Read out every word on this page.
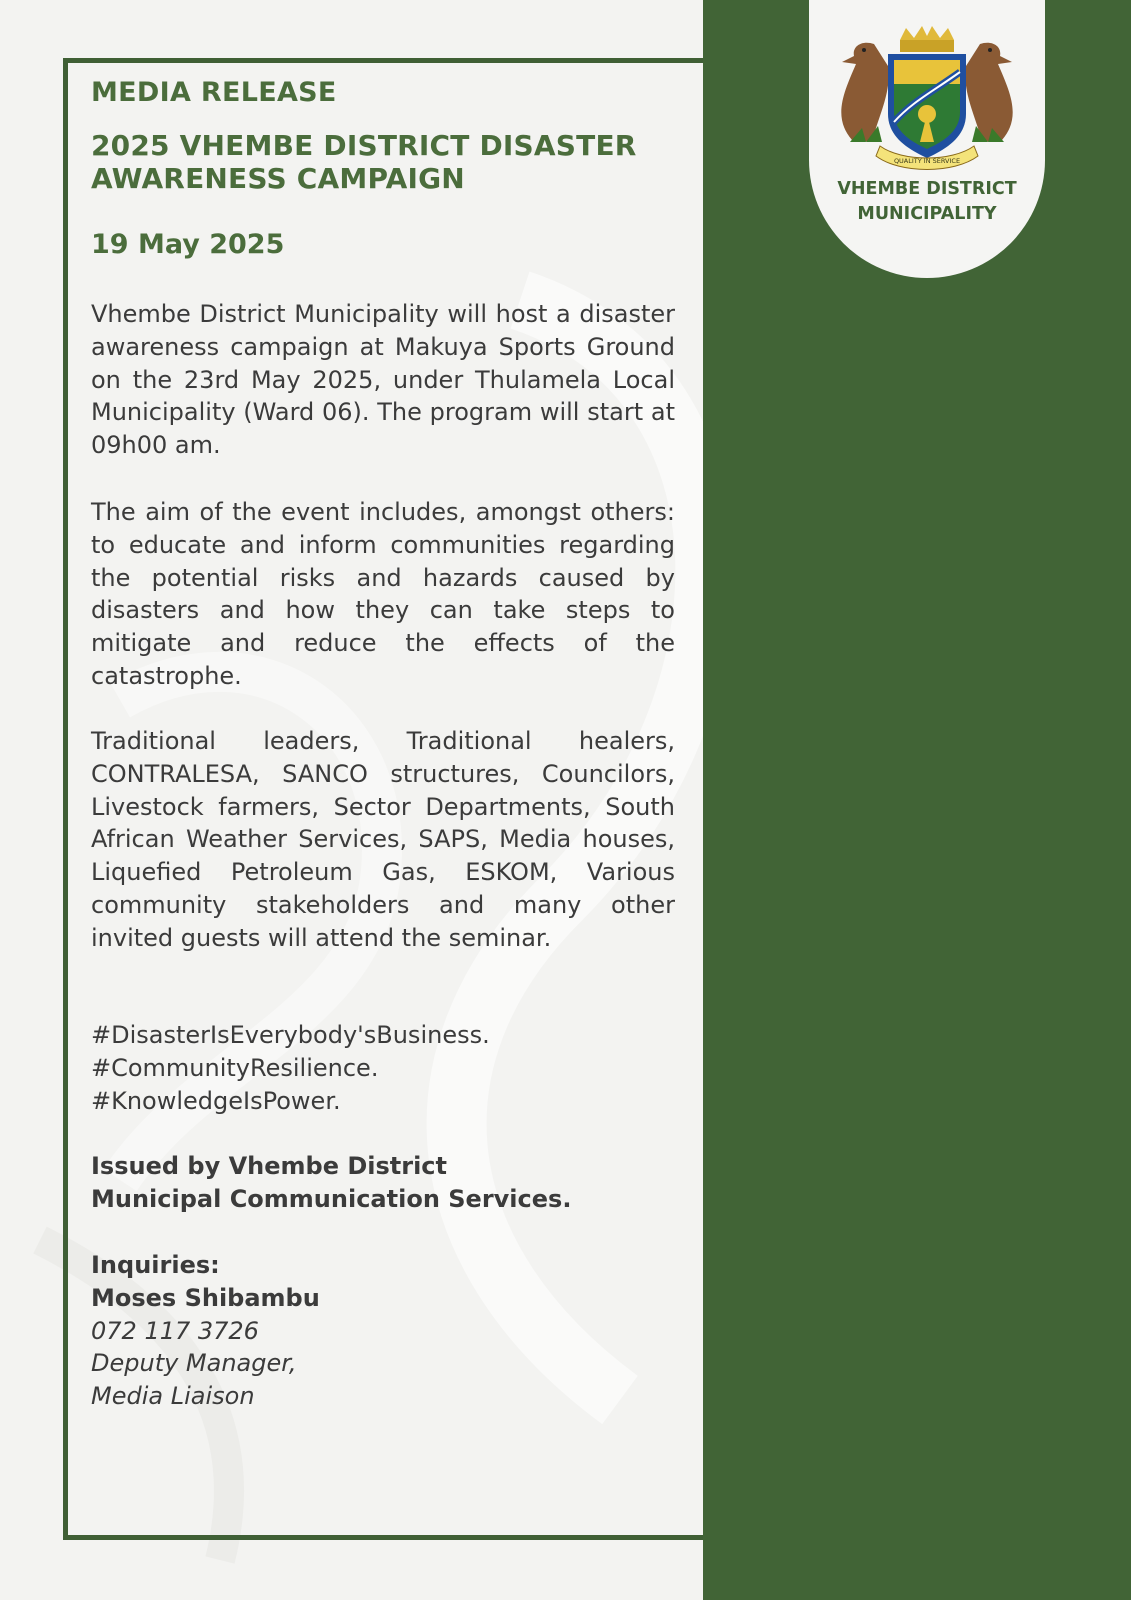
MEDIA RELEASE
2025 VHEMBE DISTRICT DISASTER
AWARENESS CAMPAIGN
19 May 2025
Vhembe District Municipality will host a disaster awareness campaign at Makuya Sports Ground on the 23rd May 2025, under Thulamela Local Municipality (Ward 06). The program will start at 09h00 am.
The aim of the event includes, amongst others: to educate and inform communities regarding the potential risks and hazards caused by disasters and how they can take steps to mitigate and reduce the effects of the catastrophe.
Traditional leaders, Traditional healers, CONTRALESA, SANCO structures, Councilors, Livestock farmers, Sector Departments, South African Weather Services, SAPS, Media houses, Liquefied Petroleum Gas, ESKOM, Various community stakeholders and many other invited guests will attend the seminar.
#DisasterIsEverybody'sBusiness.
#CommunityResilience.
#KnowledgeIsPower.
Issued by Vhembe District
Municipal Communication Services.
Inquiries:
Moses Shibambu
072 117 3726
Deputy Manager,
Media Liaison
QUALITY IN SERVICE
VHEMBE DISTRICT
MUNICIPALITY
